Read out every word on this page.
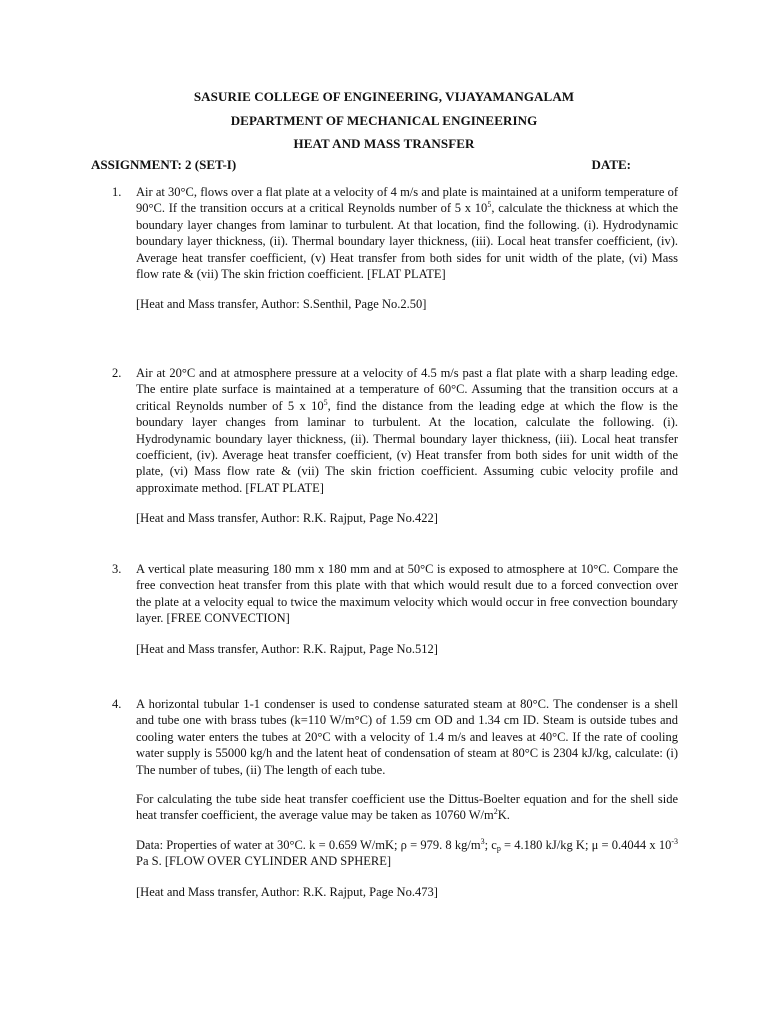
SASURIE COLLEGE OF ENGINEERING, VIJAYAMANGALAM
DEPARTMENT OF MECHANICAL ENGINEERING
HEAT AND MASS TRANSFER
ASSIGNMENT: 2 (SET-I)	DATE:
1.	Air at 30°C, flows over a flat plate at a velocity of 4 m/s and plate is maintained at a uniform temperature of 90°C. If the transition occurs at a critical Reynolds number of 5 x $10^5$, calculate the thickness at which the boundary layer changes from laminar to turbulent. At that location, find the following. (i). Hydrodynamic boundary layer thickness, (ii). Thermal boundary layer thickness, (iii). Local heat transfer coefficient, (iv). Average heat transfer coefficient, (v) Heat transfer from both sides for unit width of the plate, (vi) Mass flow rate & (vii) The skin friction coefficient. [FLAT PLATE]

[Heat and Mass transfer, Author: S.Senthil, Page No.2.50]
2.	Air at 20°C and at atmosphere pressure at a velocity of 4.5 m/s past a flat plate with a sharp leading edge. The entire plate surface is maintained at a temperature of 60°C. Assuming that the transition occurs at a critical Reynolds number of 5 x $10^5$, find the distance from the leading edge at which the flow is the boundary layer changes from laminar to turbulent. At the location, calculate the following. (i). Hydrodynamic boundary layer thickness, (ii). Thermal boundary layer thickness, (iii). Local heat transfer coefficient, (iv). Average heat transfer coefficient, (v) Heat transfer from both sides for unit width of the plate, (vi) Mass flow rate & (vii) The skin friction coefficient. Assuming cubic velocity profile and approximate method. [FLAT PLATE]

[Heat and Mass transfer, Author: R.K. Rajput, Page No.422]
3.	A vertical plate measuring 180 mm x 180 mm and at 50°C is exposed to atmosphere at 10°C. Compare the free convection heat transfer from this plate with that which would result due to a forced convection over the plate at a velocity equal to twice the maximum velocity which would occur in free convection boundary layer. [FREE CONVECTION]

[Heat and Mass transfer, Author: R.K. Rajput, Page No.512]
4.	A horizontal tubular 1-1 condenser is used to condense saturated steam at 80°C. The condenser is a shell and tube one with brass tubes (k=110 W/m°C) of 1.59 cm OD and 1.34 cm ID. Steam is outside tubes and cooling water enters the tubes at 20°C with a velocity of 1.4 m/s and leaves at 40°C. If the rate of cooling water supply is 55000 kg/h and the latent heat of condensation of steam at 80°C is 2304 kJ/kg, calculate: (i) The number of tubes, (ii) The length of each tube.

For calculating the tube side heat transfer coefficient use the Dittus-Boelter equation and for the shell side heat transfer coefficient, the average value may be taken as 10760 $W/m^2K$.

Data: Properties of water at 30°C. k = 0.659 W/mK; ρ = 979. 8 $kg/m^3$; $c_p = 4.180$ kJ/kg K; μ = 0.4044 x $10^{-3}$ Pa S. [FLOW OVER CYLINDER AND SPHERE]

[Heat and Mass transfer, Author: R.K. Rajput, Page No.473]
